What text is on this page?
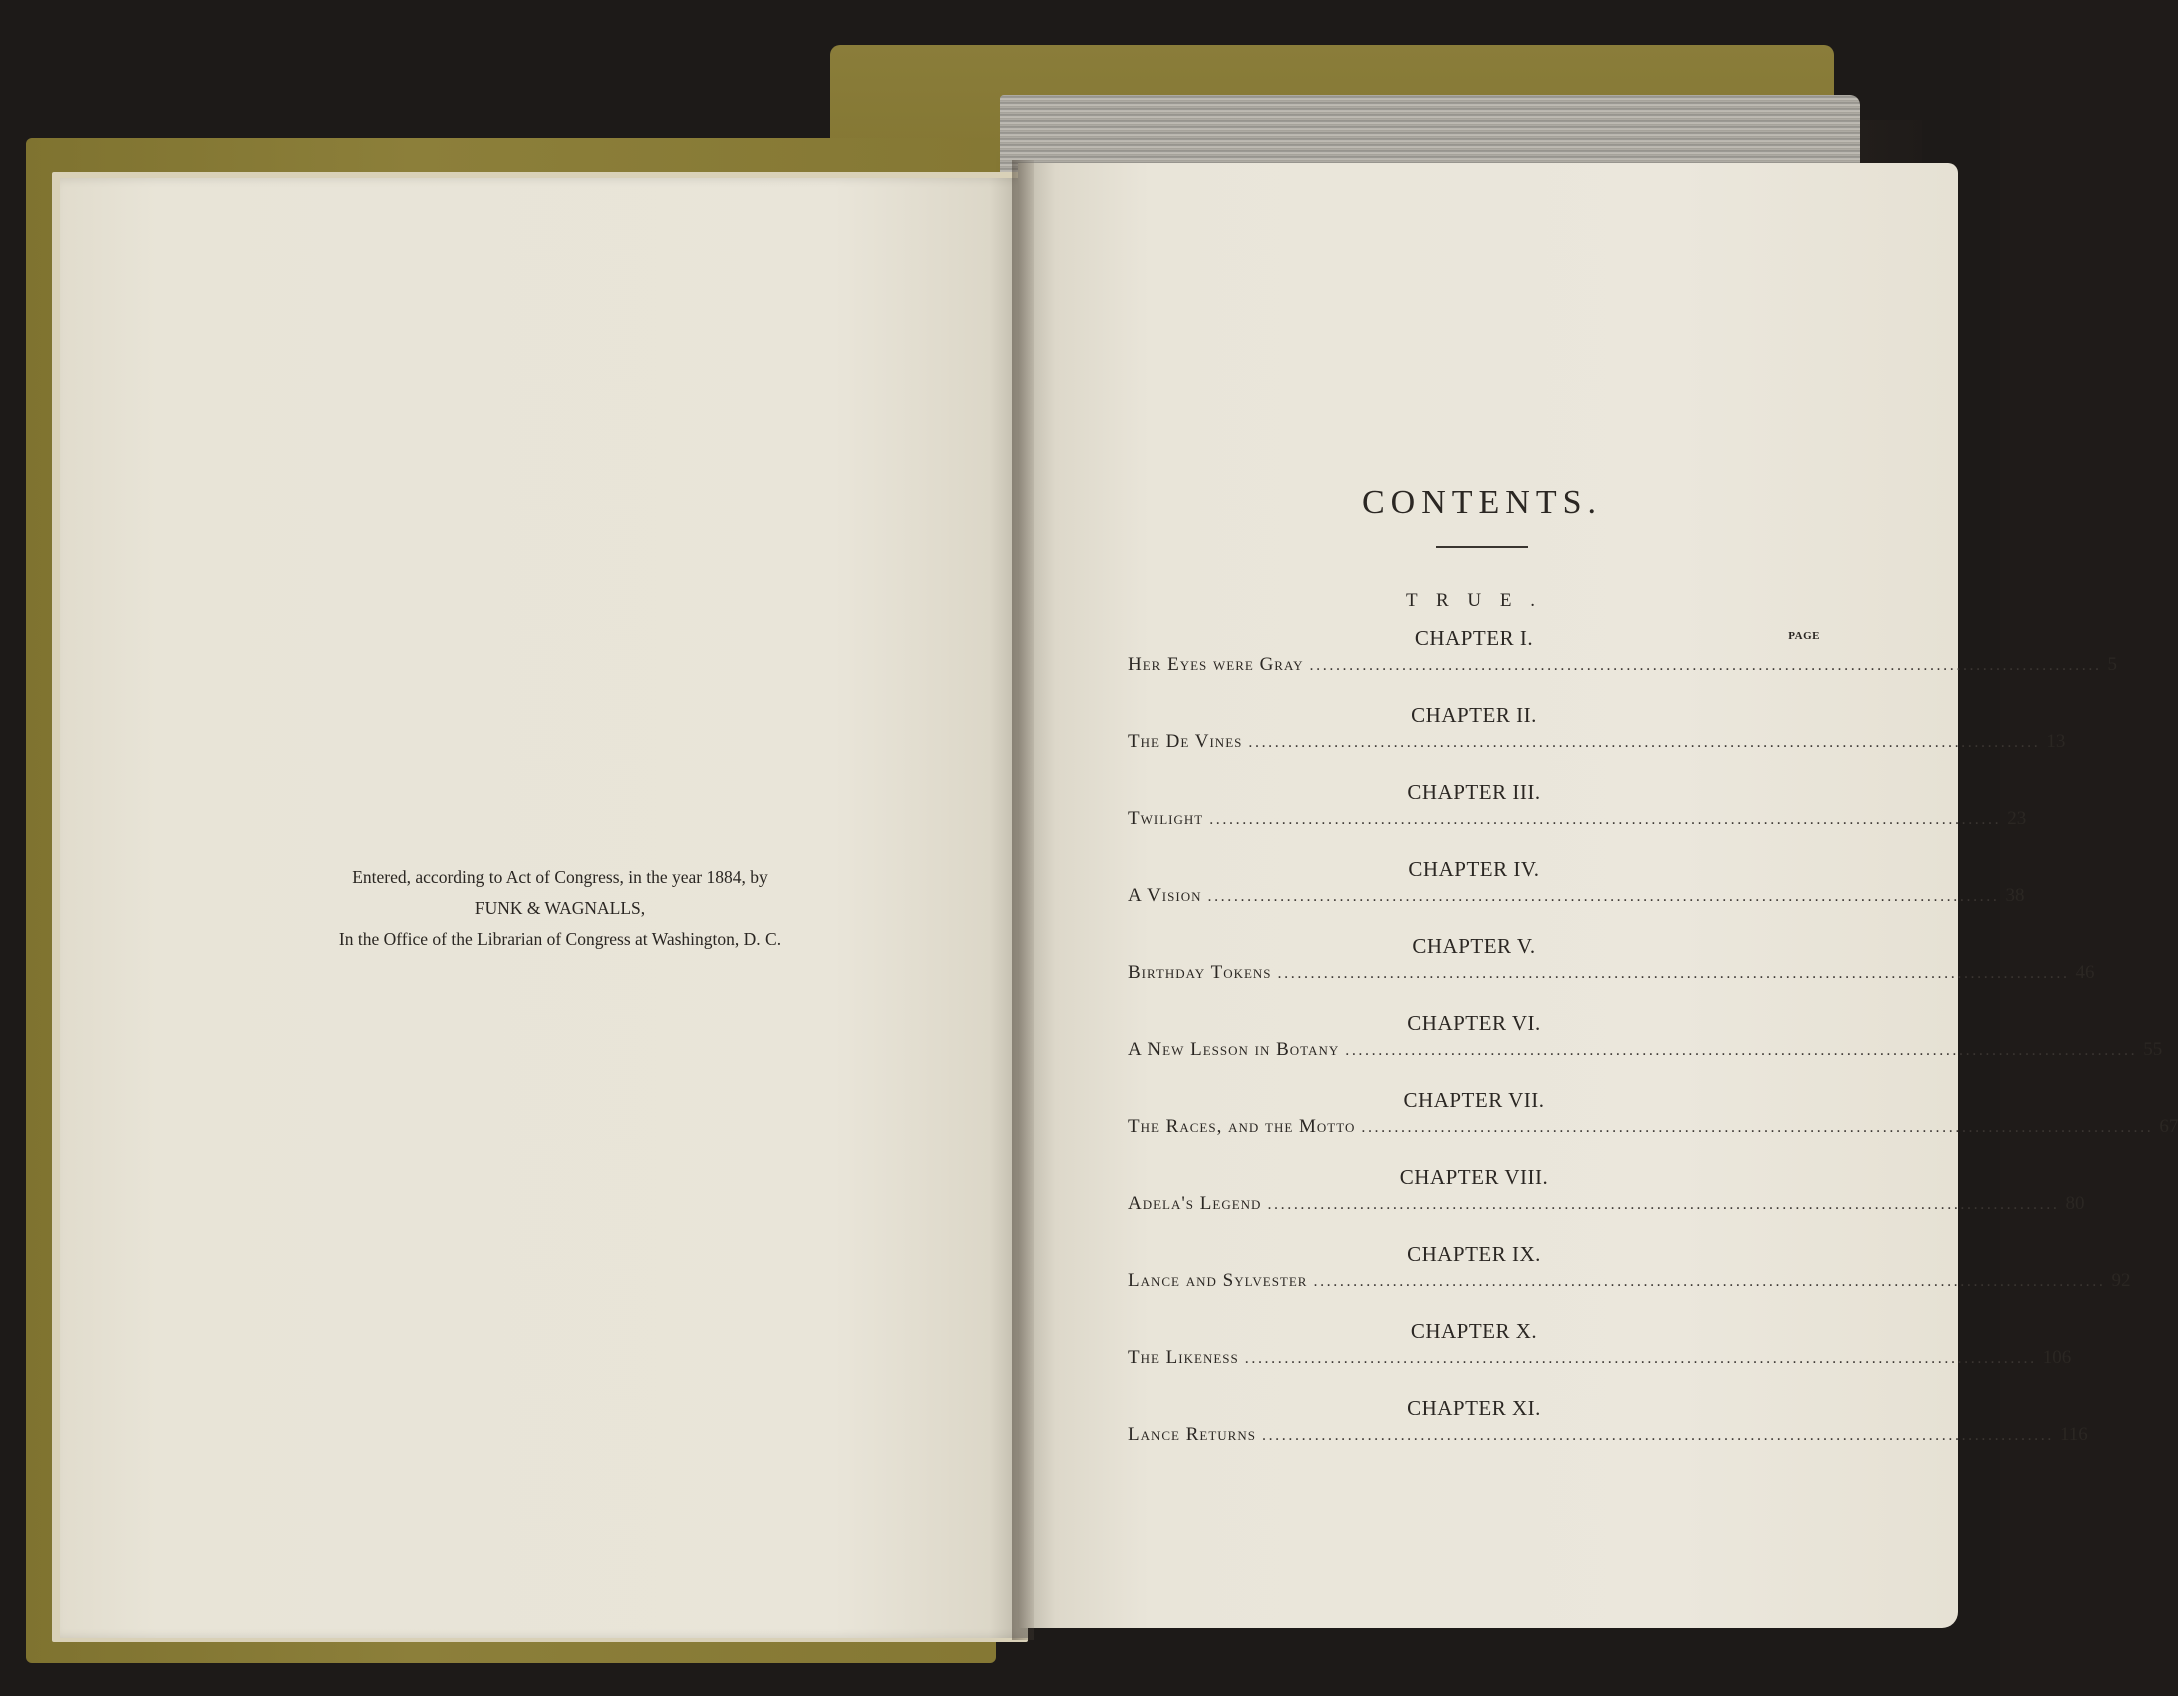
Entered, according to Act of Congress, in the year 1884, by
FUNK & WAGNALLS,
In the Office of the Librarian of Congress at Washington, D. C.
CONTENTS.
T R U E .
CHAPTER I.	PAGE
Her Eyes were Gray ........................................................................................................................ 5
CHAPTER II.
The De Vines ........................................................................................................................ 13
CHAPTER III.
Twilight ........................................................................................................................ 23
CHAPTER IV.
A Vision ........................................................................................................................ 38
CHAPTER V.
Birthday Tokens ........................................................................................................................ 46
CHAPTER VI.
A New Lesson in Botany ........................................................................................................................ 55
CHAPTER VII.
The Races, and the Motto ........................................................................................................................ 67
CHAPTER VIII.
Adela's Legend ........................................................................................................................ 80
CHAPTER IX.
Lance and Sylvester ........................................................................................................................ 92
CHAPTER X.
The Likeness ........................................................................................................................ 106
CHAPTER XI.
Lance Returns ........................................................................................................................ 116
